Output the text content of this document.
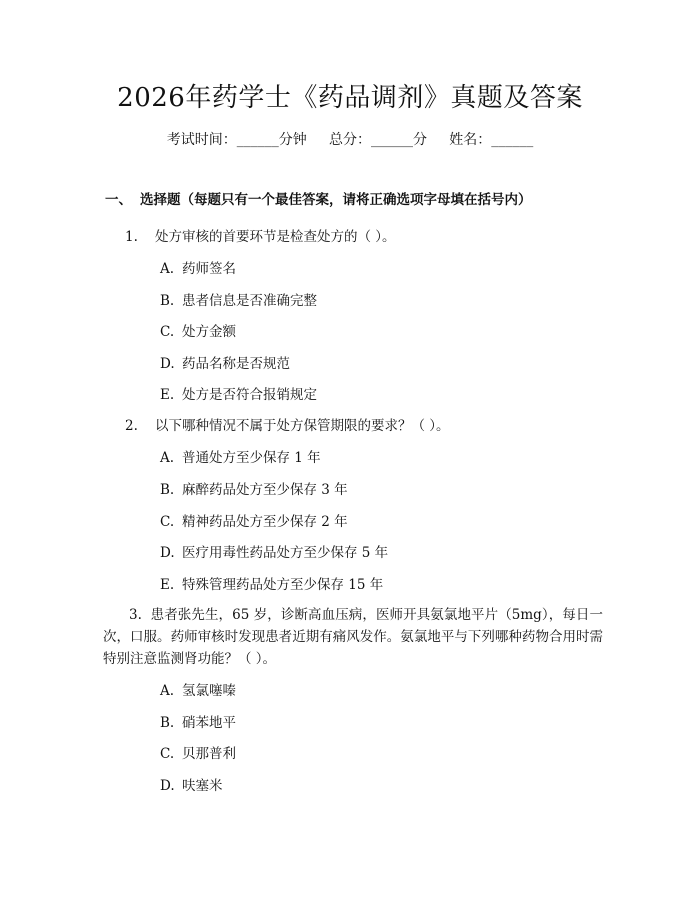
2026年药学士《药品调剂》真题及答案
考试时间：______分钟     总分：______分     姓名：______
一、 选择题（每题只有一个最佳答案，请将正确选项字母填在括号内）
1. 处方审核的首要环节是检查处方的（ ）。
A. 药师签名
B. 患者信息是否准确完整
C. 处方金额
D. 药品名称是否规范
E. 处方是否符合报销规定
2. 以下哪种情况不属于处方保管期限的要求？（ ）。
A. 普通处方至少保存 1 年
B. 麻醉药品处方至少保存 3 年
C. 精神药品处方至少保存 2 年
D. 医疗用毒性药品处方至少保存 5 年
E. 特殊管理药品处方至少保存 15 年
3. 患者张先生，65 岁，诊断高血压病，医师开具氨氯地平片（5mg），每日一次，口服。药师审核时发现患者近期有痛风发作。氨氯地平与下列哪种药物合用时需特别注意监测肾功能？（ ）。
A. 氢氯噻嗪
B. 硝苯地平
C. 贝那普利
D. 呋塞米
